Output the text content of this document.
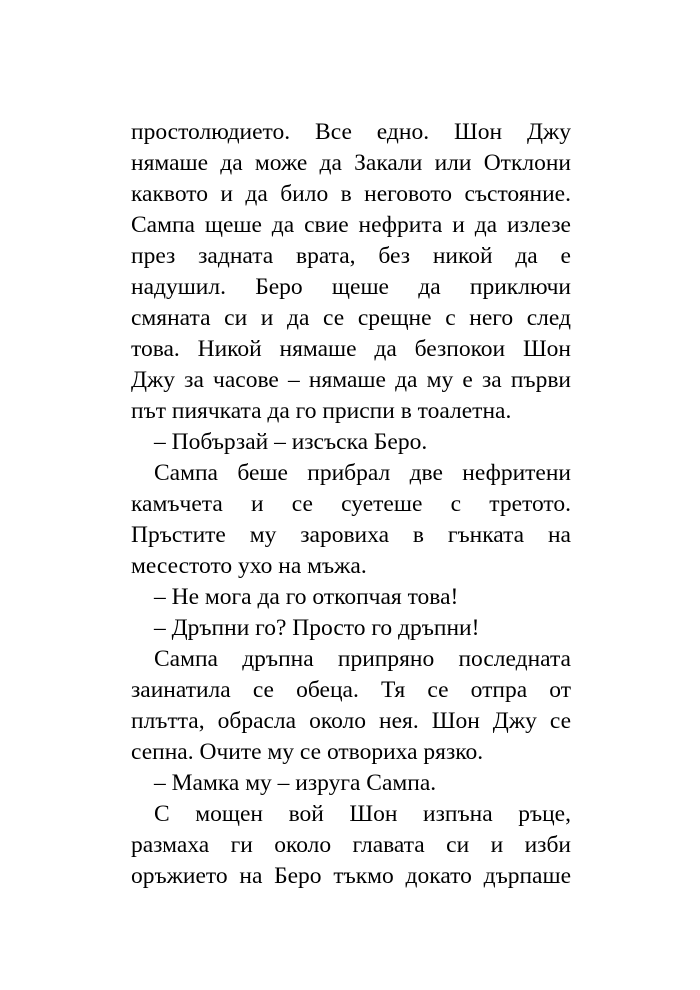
простолюдието. Все едно. Шон Джу
нямаше да може да Закали или Отклони
каквото и да било в неговото състояние.
Сампа щеше да свие нефрита и да излезе
през задната врата, без никой да е
надушил. Беро щеше да приключи
смяната си и да се срещне с него след
това. Никой нямаше да безпокои Шон
Джу за часове – нямаше да му е за първи
път пиячката да го приспи в тоалетна.
– Побързай – изсъска Беро.
Сампа беше прибрал две нефритени
камъчета и се суетеше с третото.
Пръстите му заровиха в гънката на
месестото ухо на мъжа.
– Не мога да го откопчая това!
– Дръпни го? Просто го дръпни!
Сампа дръпна припряно последната
заинатила се обеца. Тя се отпра от
плътта, обрасла около нея. Шон Джу се
сепна. Очите му се отвориха рязко.
– Мамка му – изруга Сампа.
С мощен вой Шон изпъна ръце,
размаха ги около главата си и изби
оръжието на Беро тъкмо докато дърпаше
